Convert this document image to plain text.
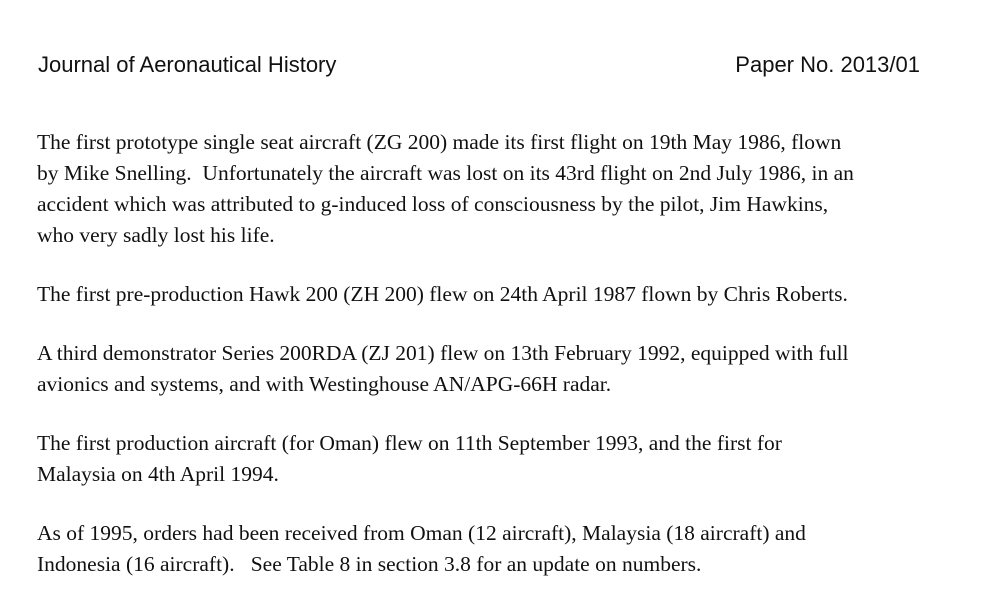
Journal of Aeronautical History	Paper No. 2013/01
The first prototype single seat aircraft (ZG 200) made its first flight on 19th May 1986, flown
by Mike Snelling.  Unfortunately the aircraft was lost on its 43rd flight on 2nd July 1986, in an
accident which was attributed to g-induced loss of consciousness by the pilot, Jim Hawkins,
who very sadly lost his life.
The first pre-production Hawk 200 (ZH 200) flew on 24th April 1987 flown by Chris Roberts.
A third demonstrator Series 200RDA (ZJ 201) flew on 13th February 1992, equipped with full
avionics and systems, and with Westinghouse AN/APG-66H radar.
The first production aircraft (for Oman) flew on 11th September 1993, and the first for
Malaysia on 4th April 1994.
As of 1995, orders had been received from Oman (12 aircraft), Malaysia (18 aircraft) and
Indonesia (16 aircraft).   See Table 8 in section 3.8 for an update on numbers.
